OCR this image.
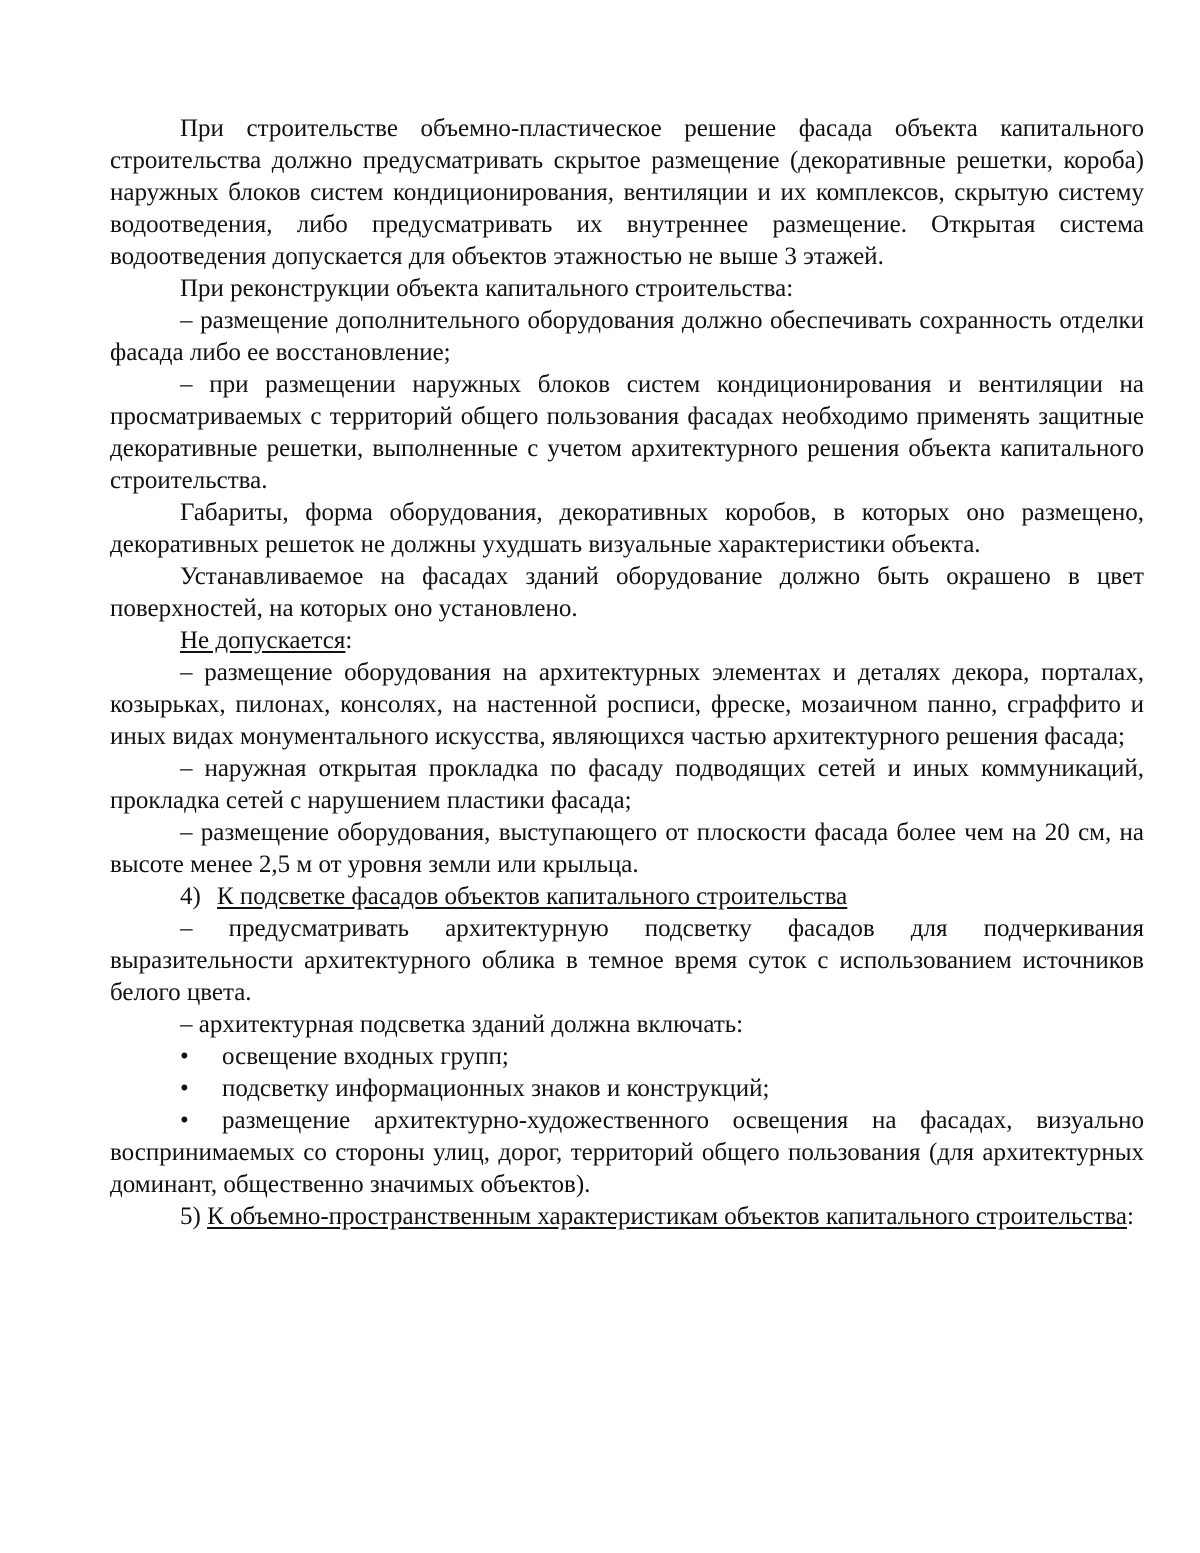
При строительстве объемно-пластическое решение фасада объекта капитального строительства должно предусматривать скрытое размещение (декоративные решетки, короба) наружных блоков систем кондиционирования, вентиляции и их комплексов, скрытую систему водоотведения, либо предусматривать их внутреннее размещение. Открытая система водоотведения допускается для объектов этажностью не выше 3 этажей.

При реконструкции объекта капитального строительства:

– размещение дополнительного оборудования должно обеспечивать сохранность отделки фасада либо ее восстановление;

– при размещении наружных блоков систем кондиционирования и вентиляции на просматриваемых с территорий общего пользования фасадах необходимо применять защитные декоративные решетки, выполненные с учетом архитектурного решения объекта капитального строительства.

Габариты, форма оборудования, декоративных коробов, в которых оно размещено, декоративных решеток не должны ухудшать визуальные характеристики объекта.

Устанавливаемое на фасадах зданий оборудование должно быть окрашено в цвет поверхностей, на которых оно установлено.

Не допускается:

– размещение оборудования на архитектурных элементах и деталях декора, порталах, козырьках, пилонах, консолях, на настенной росписи, фреске, мозаичном панно, сграффито и иных видах монументального искусства, являющихся частью архитектурного решения фасада;

– наружная открытая прокладка по фасаду подводящих сетей и иных коммуникаций, прокладка сетей с нарушением пластики фасада;

– размещение оборудования, выступающего от плоскости фасада более чем на 20 см, на высоте менее 2,5 м от уровня земли или крыльца.

4) К подсветке фасадов объектов капитального строительства

– предусматривать архитектурную подсветку фасадов для подчеркивания выразительности архитектурного облика в темное время суток с использованием источников белого цвета.

– архитектурная подсветка зданий должна включать:

• освещение входных групп;

• подсветку информационных знаков и конструкций;

• размещение архитектурно-художественного освещения на фасадах, визуально воспринимаемых со стороны улиц, дорог, территорий общего пользования (для архитектурных доминант, общественно значимых объектов).

5) К объемно-пространственным характеристикам объектов капитального строительства:
